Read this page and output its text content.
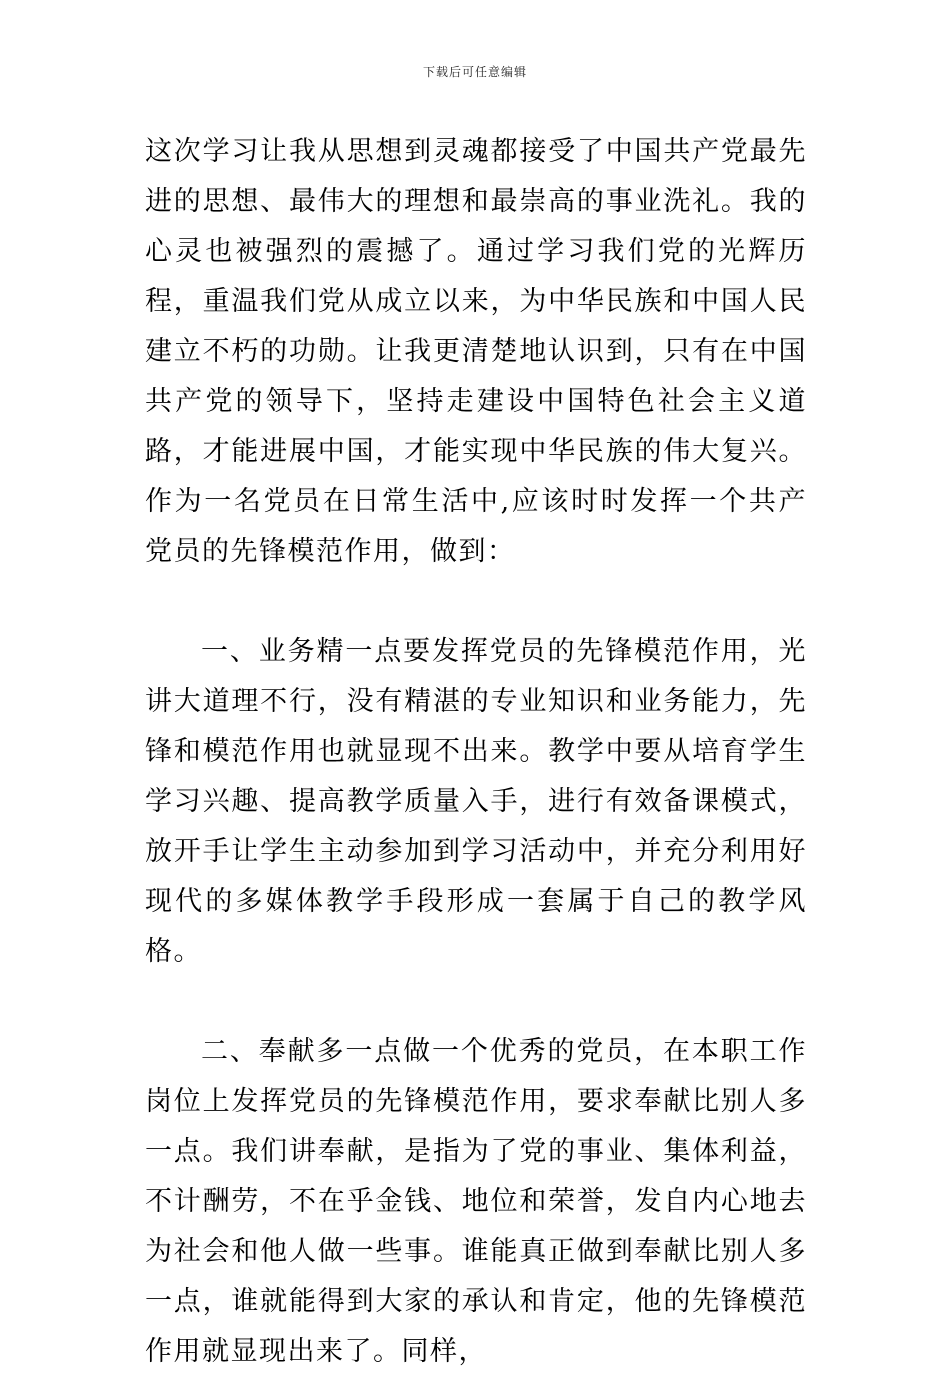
下载后可任意编辑

这次学习让我从思想到灵魂都接受了中国共产党最先进的思想、最伟大的理想和最崇高的事业洗礼。我的心灵也被强烈的震撼了。通过学习我们党的光辉历程，重温我们党从成立以来，为中华民族和中国人民建立不朽的功勋。让我更清楚地认识到，只有在中国共产党的领导下，坚持走建设中国特色社会主义道路，才能进展中国，才能实现中华民族的伟大复兴。作为一名党员在日常生活中,应该时时发挥一个共产党员的先锋模范作用，做到：

一、业务精一点要发挥党员的先锋模范作用，光讲大道理不行，没有精湛的专业知识和业务能力，先锋和模范作用也就显现不出来。教学中要从培育学生学习兴趣、提高教学质量入手，进行有效备课模式，放开手让学生主动参加到学习活动中，并充分利用好现代的多媒体教学手段形成一套属于自己的教学风格。

二、奉献多一点做一个优秀的党员，在本职工作岗位上发挥党员的先锋模范作用，要求奉献比别人多一点。我们讲奉献，是指为了党的事业、集体利益，不计酬劳，不在乎金钱、地位和荣誉，发自内心地去为社会和他人做一些事。谁能真正做到奉献比别人多一点，谁就能得到大家的承认和肯定，他的先锋模范作用就显现出来了。同样，
